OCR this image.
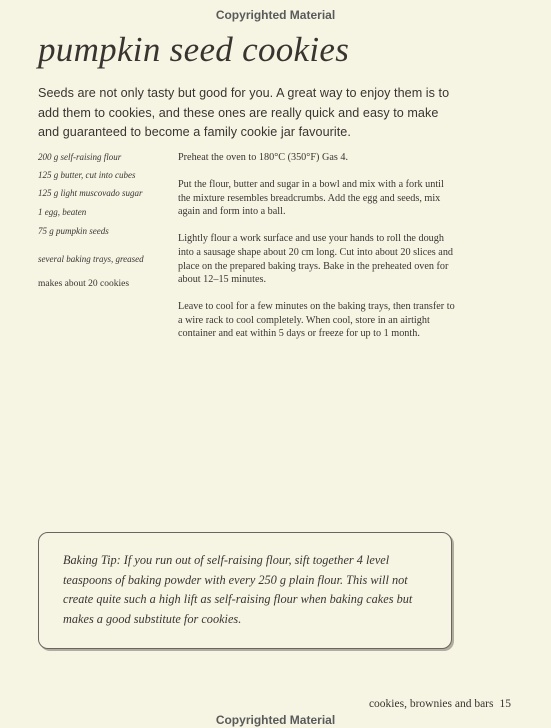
Copyrighted Material
pumpkin seed cookies
Seeds are not only tasty but good for you. A great way to enjoy them is to add them to cookies, and these ones are really quick and easy to make and guaranteed to become a family cookie jar favourite.
200 g self-raising flour
125 g butter, cut into cubes
125 g light muscovado sugar
1 egg, beaten
75 g pumpkin seeds
several baking trays, greased
makes about 20 cookies

Preheat the oven to 180°C (350°F) Gas 4.

Put the flour, butter and sugar in a bowl and mix with a fork until the mixture resembles breadcrumbs. Add the egg and seeds, mix again and form into a ball.

Lightly flour a work surface and use your hands to roll the dough into a sausage shape about 20 cm long. Cut into about 20 slices and place on the prepared baking trays. Bake in the preheated oven for about 12–15 minutes.

Leave to cool for a few minutes on the baking trays, then transfer to a wire rack to cool completely. When cool, store in an airtight container and eat within 5 days or freeze for up to 1 month.

Baking Tip: If you run out of self-raising flour, sift together 4 level teaspoons of baking powder with every 250 g plain flour. This will not create quite such a high lift as self-raising flour when baking cakes but makes a good substitute for cookies.
cookies, brownies and bars 15
Copyrighted Material
